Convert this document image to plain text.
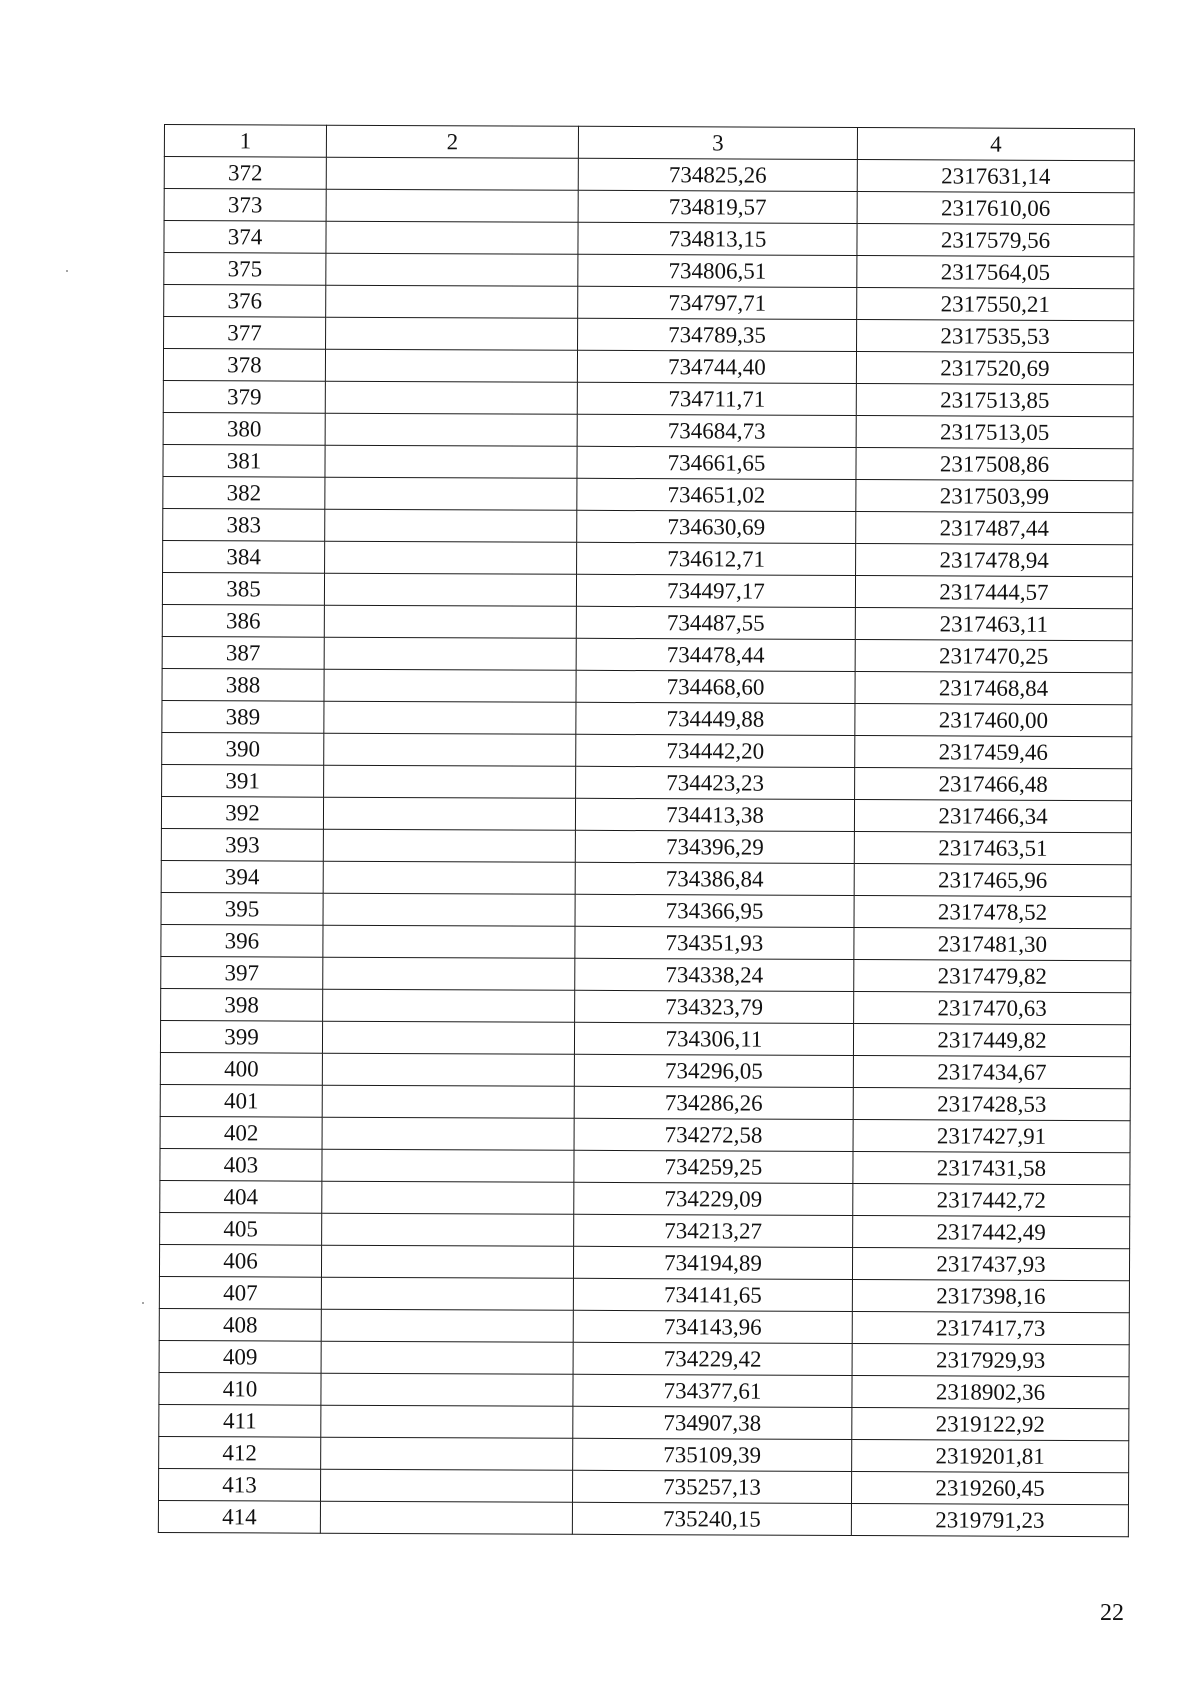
1	2	3	4
372		734825,26	2317631,14
373		734819,57	2317610,06
374		734813,15	2317579,56
375		734806,51	2317564,05
376		734797,71	2317550,21
377		734789,35	2317535,53
378		734744,40	2317520,69
379		734711,71	2317513,85
380		734684,73	2317513,05
381		734661,65	2317508,86
382		734651,02	2317503,99
383		734630,69	2317487,44
384		734612,71	2317478,94
385		734497,17	2317444,57
386		734487,55	2317463,11
387		734478,44	2317470,25
388		734468,60	2317468,84
389		734449,88	2317460,00
390		734442,20	2317459,46
391		734423,23	2317466,48
392		734413,38	2317466,34
393		734396,29	2317463,51
394		734386,84	2317465,96
395		734366,95	2317478,52
396		734351,93	2317481,30
397		734338,24	2317479,82
398		734323,79	2317470,63
399		734306,11	2317449,82
400		734296,05	2317434,67
401		734286,26	2317428,53
402		734272,58	2317427,91
403		734259,25	2317431,58
404		734229,09	2317442,72
405		734213,27	2317442,49
406		734194,89	2317437,93
407		734141,65	2317398,16
408		734143,96	2317417,73
409		734229,42	2317929,93
410		734377,61	2318902,36
411		734907,38	2319122,92
412		735109,39	2319201,81
413		735257,13	2319260,45
414		735240,15	2319791,23
22
